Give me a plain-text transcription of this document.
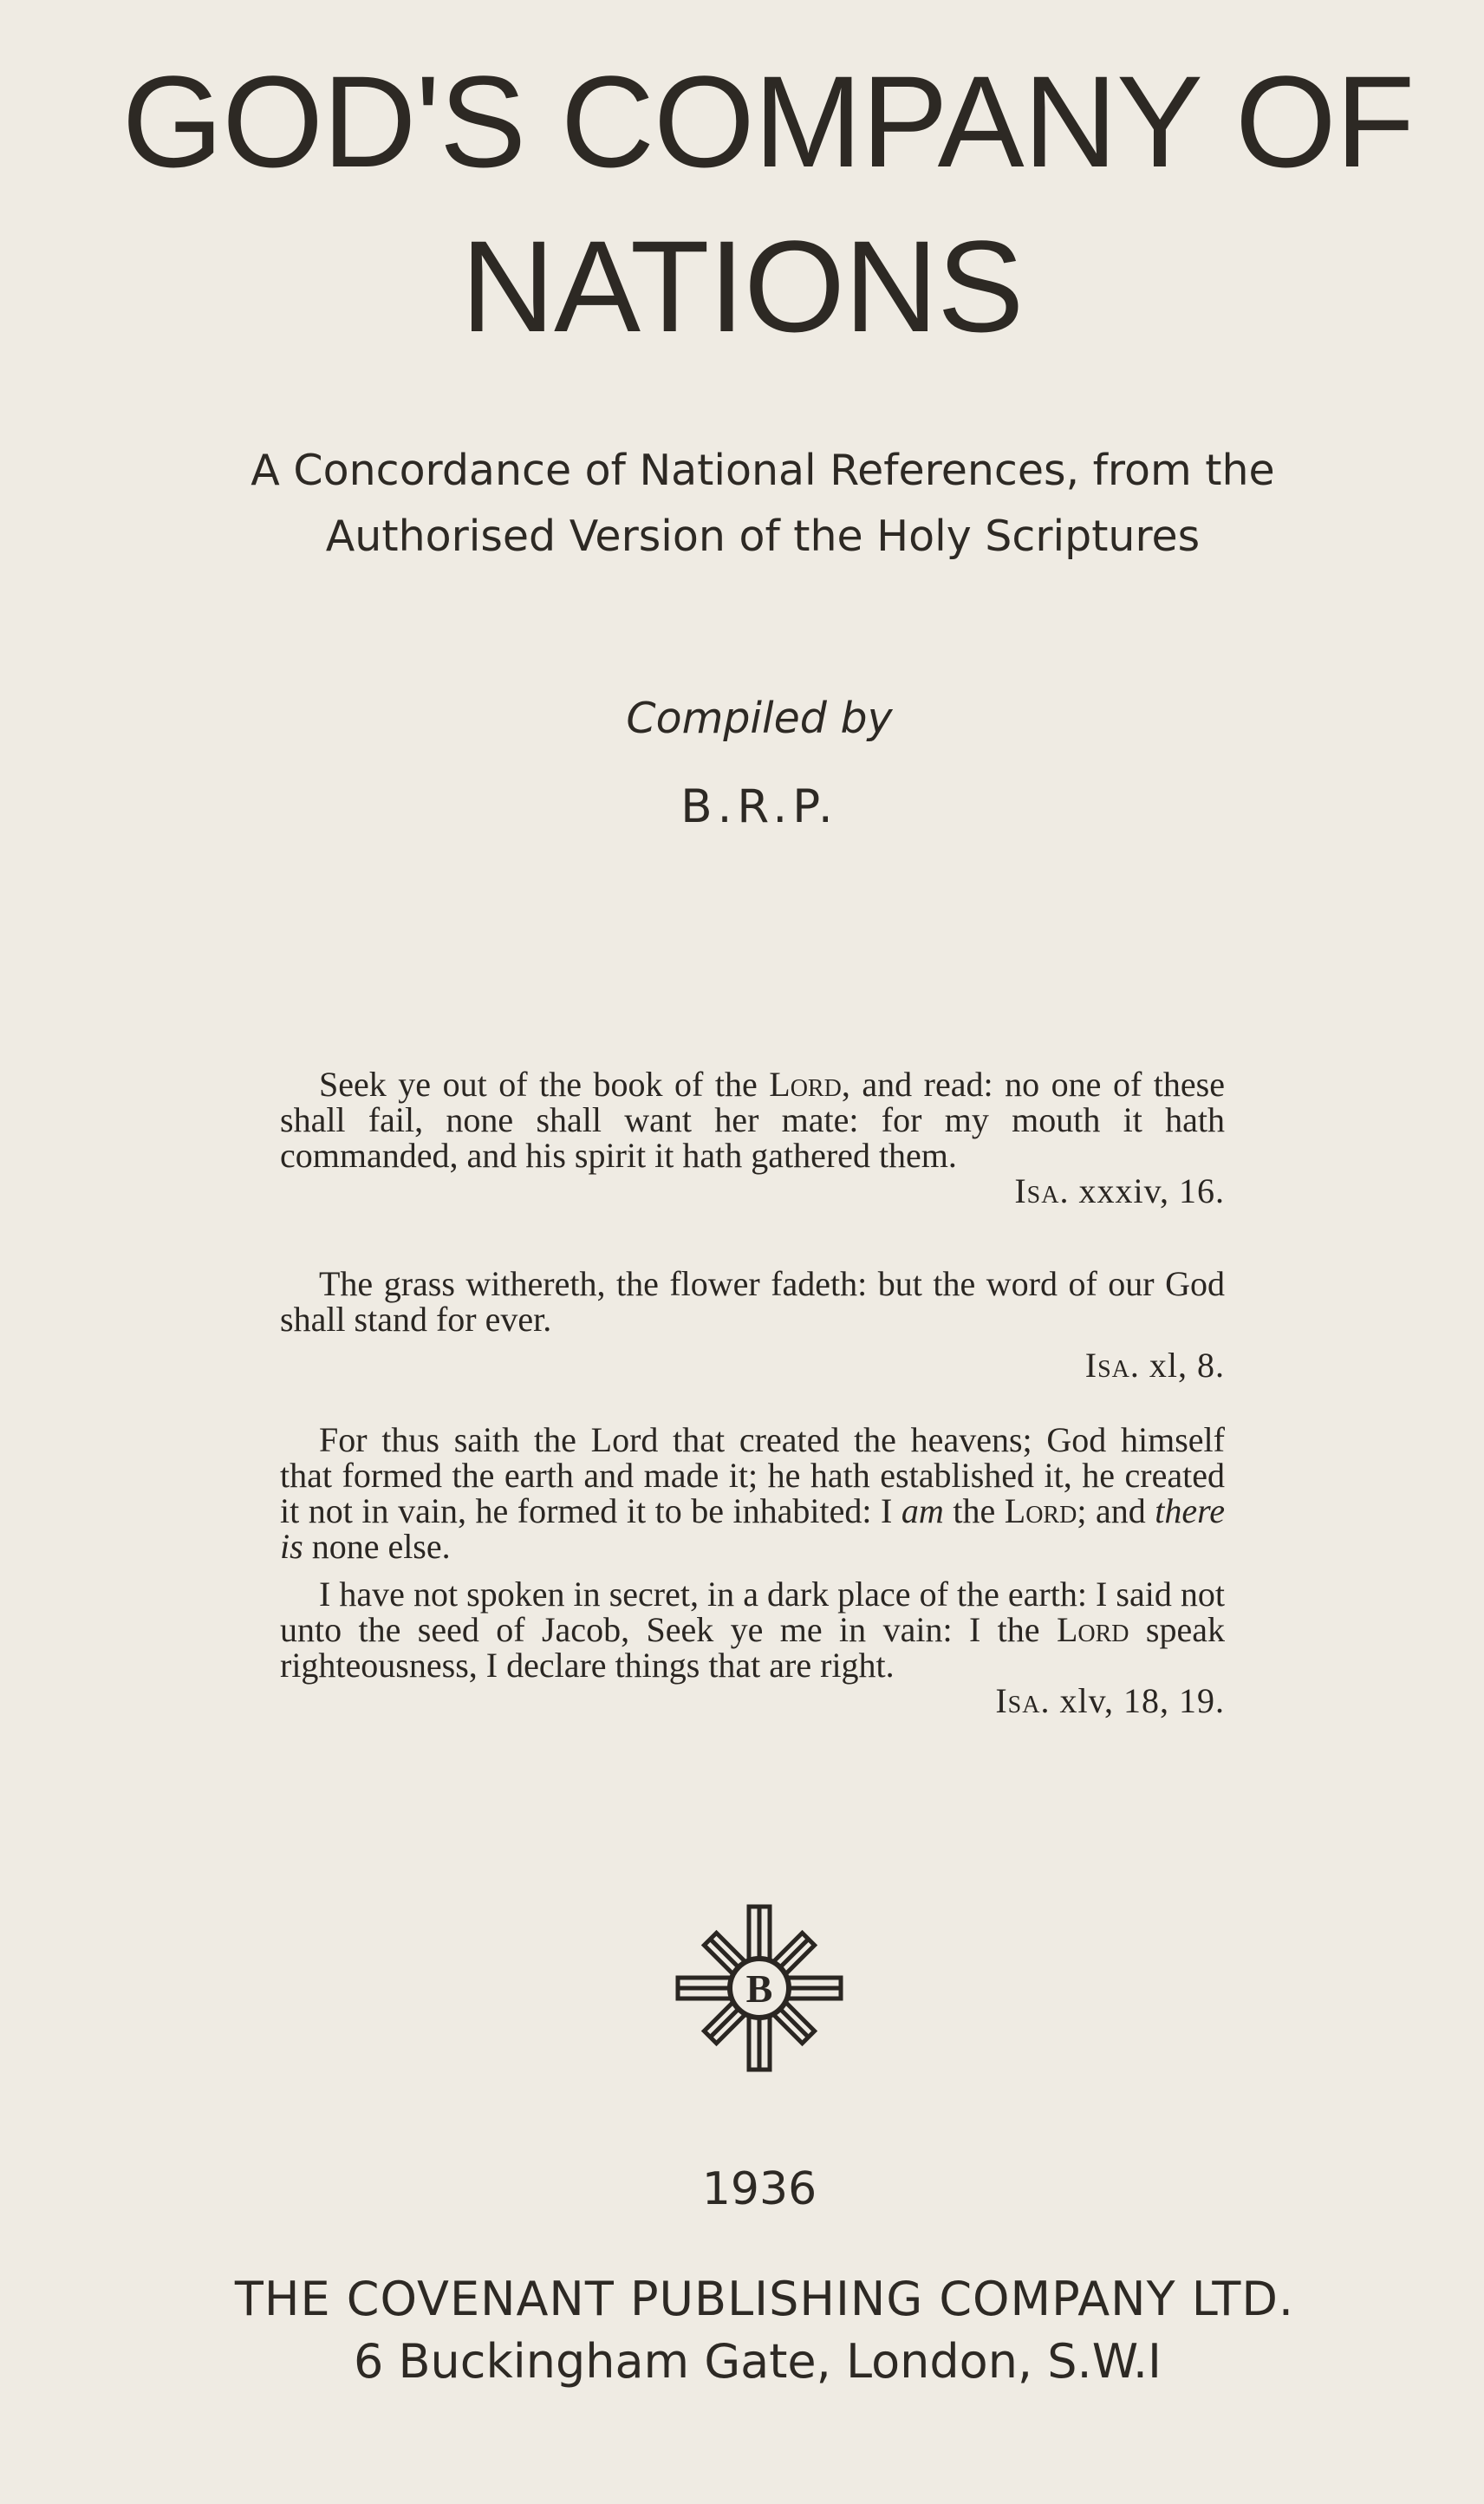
GOD'S COMPANY OF
NATIONS
A Concordance of National References, from the
Authorised Version of the Holy Scriptures
Compiled by
B.R.P.

Seek ye out of the book of the Lord, and read: no one of these shall fail, none shall want her mate: for my mouth it hath commanded, and his spirit it hath gathered them.

Isa. xxxiv, 16.

The grass withereth, the flower fadeth: but the word of our God shall stand for ever.

Isa. xl, 8.

For thus saith the Lord that created the heavens; God himself that formed the earth and made it; he hath established it, he created it not in vain, he formed it to be inhabited: I am the Lord; and there is none else.

I have not spoken in secret, in a dark place of the earth: I said not unto the seed of Jacob, Seek ye me in vain: I the Lord speak righteousness, I declare things that are right.

Isa. xlv, 18, 19.

B
1936
THE COVENANT PUBLISHING COMPANY LTD.
6 Buckingham Gate, London, S.W.I
